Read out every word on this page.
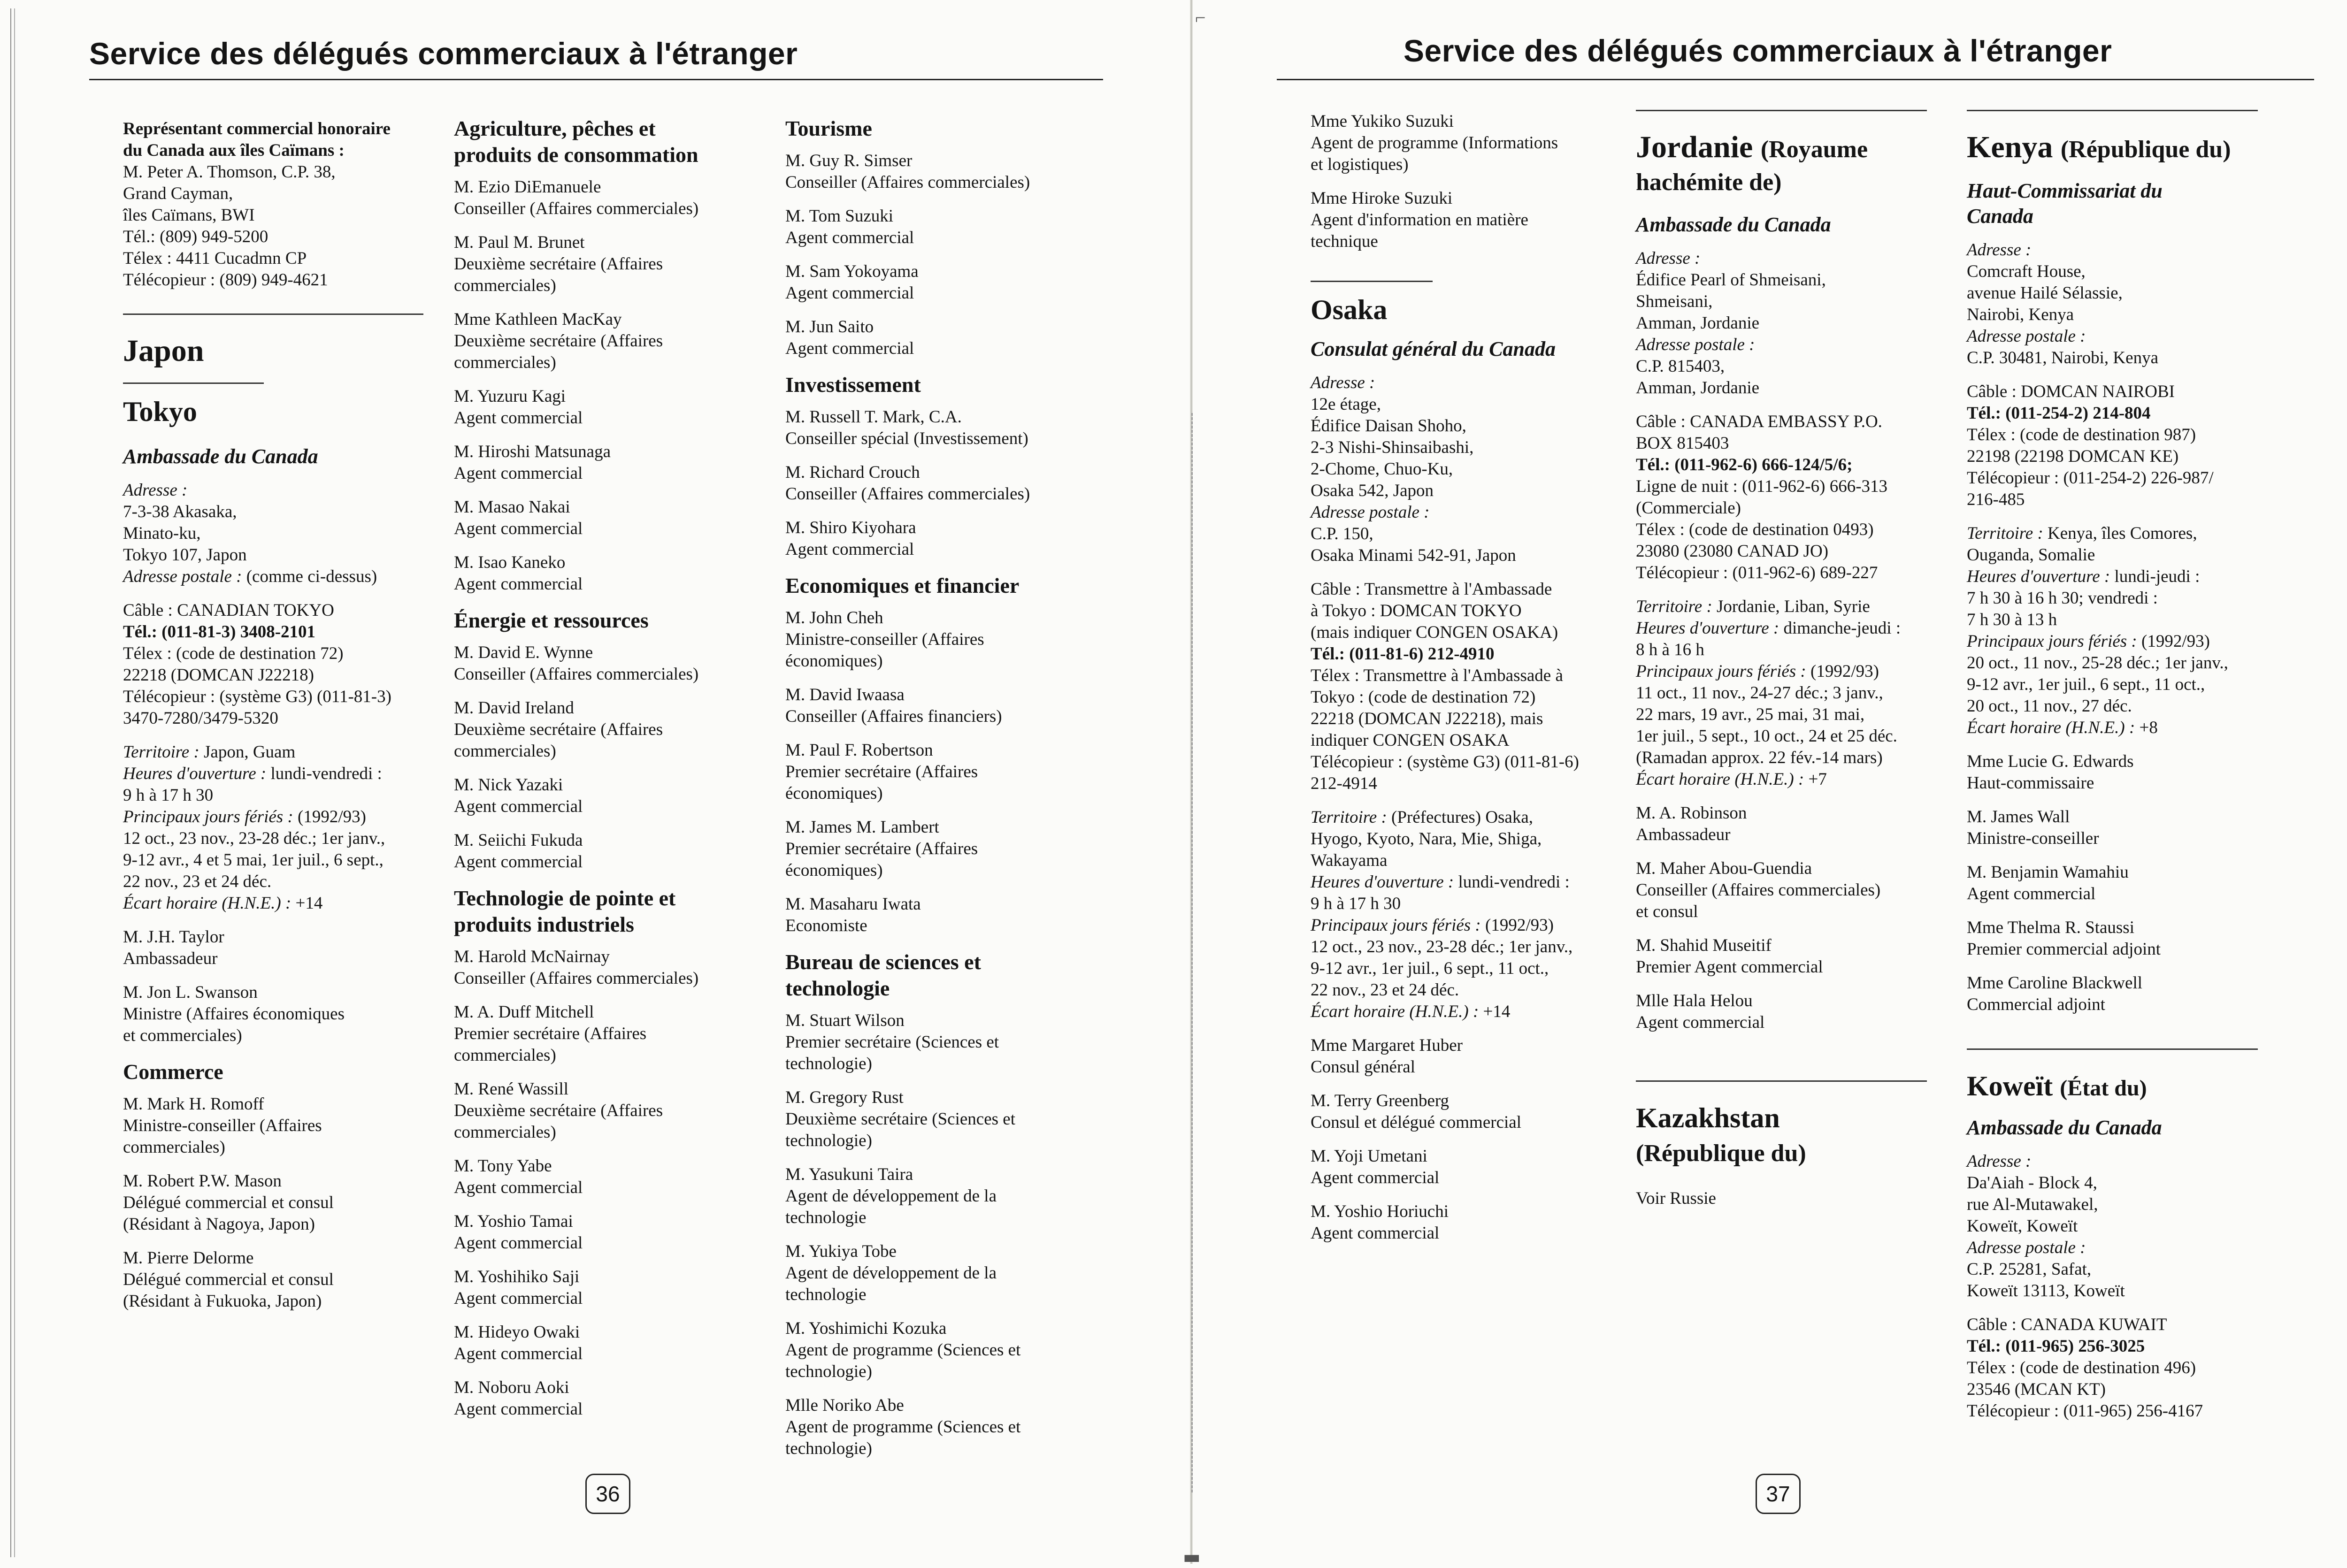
⌐
▬
Service des délégués commerciaux à l'étranger
Représentant commercial honoraire
du Canada aux îles Caïmans :
M. Peter A. Thomson, C.P. 38,
Grand Cayman,
îles Caïmans, BWI
Tél.: (809) 949-5200
Télex : 4411 Cucadmn CP
Télécopieur : (809) 949-4621
Japon
Tokyo
Ambassade du Canada
Adresse :
7-3-38 Akasaka,
Minato-ku,
Tokyo 107, Japon
Adresse postale : (comme ci-dessus)
Câble : CANADIAN TOKYO
Tél.: (011-81-3) 3408-2101
Télex : (code de destination 72)
22218 (DOMCAN J22218)
Télécopieur : (système G3) (011-81-3)
3470-7280/3479-5320
Territoire : Japon, Guam
Heures d'ouverture : lundi-vendredi :
9 h à 17 h 30
Principaux jours fériés : (1992/93)
12 oct., 23 nov., 23-28 déc.; 1er janv.,
9-12 avr., 4 et 5 mai, 1er juil., 6 sept.,
22 nov., 23 et 24 déc.
Écart horaire (H.N.E.) : +14
M. J.H. Taylor
Ambassadeur
M. Jon L. Swanson
Ministre (Affaires économiques
et commerciales)
Commerce
M. Mark H. Romoff
Ministre-conseiller (Affaires
commerciales)
M. Robert P.W. Mason
Délégué commercial et consul
(Résidant à Nagoya, Japon)
M. Pierre Delorme
Délégué commercial et consul
(Résidant à Fukuoka, Japon)
Agriculture, pêches et
produits de consommation
M. Ezio DiEmanuele
Conseiller (Affaires commerciales)
M. Paul M. Brunet
Deuxième secrétaire (Affaires
commerciales)
Mme Kathleen MacKay
Deuxième secrétaire (Affaires
commerciales)
M. Yuzuru Kagi
Agent commercial
M. Hiroshi Matsunaga
Agent commercial
M. Masao Nakai
Agent commercial
M. Isao Kaneko
Agent commercial
Énergie et ressources
M. David E. Wynne
Conseiller (Affaires commerciales)
M. David Ireland
Deuxième secrétaire (Affaires
commerciales)
M. Nick Yazaki
Agent commercial
M. Seiichi Fukuda
Agent commercial
Technologie de pointe et
produits industriels
M. Harold McNairnay
Conseiller (Affaires commerciales)
M. A. Duff Mitchell
Premier secrétaire (Affaires
commerciales)
M. René Wassill
Deuxième secrétaire (Affaires
commerciales)
M. Tony Yabe
Agent commercial
M. Yoshio Tamai
Agent commercial
M. Yoshihiko Saji
Agent commercial
M. Hideyo Owaki
Agent commercial
M. Noboru Aoki
Agent commercial
Tourisme
M. Guy R. Simser
Conseiller (Affaires commerciales)
M. Tom Suzuki
Agent commercial
M. Sam Yokoyama
Agent commercial
M. Jun Saito
Agent commercial
Investissement
M. Russell T. Mark, C.A.
Conseiller spécial (Investissement)
M. Richard Crouch
Conseiller (Affaires commerciales)
M. Shiro Kiyohara
Agent commercial
Economiques et financier
M. John Cheh
Ministre-conseiller (Affaires
économiques)
M. David Iwaasa
Conseiller (Affaires financiers)
M. Paul F. Robertson
Premier secrétaire (Affaires
économiques)
M. James M. Lambert
Premier secrétaire (Affaires
économiques)
M. Masaharu Iwata
Economiste
Bureau de sciences et
technologie
M. Stuart Wilson
Premier secrétaire (Sciences et
technologie)
M. Gregory Rust
Deuxième secrétaire (Sciences et
technologie)
M. Yasukuni Taira
Agent de développement de la
technologie
M. Yukiya Tobe
Agent de développement de la
technologie
M. Yoshimichi Kozuka
Agent de programme (Sciences et
technologie)
Mlle Noriko Abe
Agent de programme (Sciences et
technologie)
36
Service des délégués commerciaux à l'étranger
Mme Yukiko Suzuki
Agent de programme (Informations
et logistiques)
Mme Hiroke Suzuki
Agent d'information en matière
technique
Osaka
Consulat général du Canada
Adresse :
12e étage,
Édifice Daisan Shoho,
2-3 Nishi-Shinsaibashi,
2-Chome, Chuo-Ku,
Osaka 542, Japon
Adresse postale :
C.P. 150,
Osaka Minami 542-91, Japon
Câble : Transmettre à l'Ambassade
à Tokyo : DOMCAN TOKYO
(mais indiquer CONGEN OSAKA)
Tél.: (011-81-6) 212-4910
Télex : Transmettre à l'Ambassade à
Tokyo : (code de destination 72)
22218 (DOMCAN J22218), mais
indiquer CONGEN OSAKA
Télécopieur : (système G3) (011-81-6)
212-4914
Territoire : (Préfectures) Osaka,
Hyogo, Kyoto, Nara, Mie, Shiga,
Wakayama
Heures d'ouverture : lundi-vendredi :
9 h à 17 h 30
Principaux jours fériés : (1992/93)
12 oct., 23 nov., 23-28 déc.; 1er janv.,
9-12 avr., 1er juil., 6 sept., 11 oct.,
22 nov., 23 et 24 déc.
Écart horaire (H.N.E.) : +14
Mme Margaret Huber
Consul général
M. Terry Greenberg
Consul et délégué commercial
M. Yoji Umetani
Agent commercial
M. Yoshio Horiuchi
Agent commercial
Jordanie (Royaume
hachémite de)
Ambassade du Canada
Adresse :
Édifice Pearl of Shmeisani,
Shmeisani,
Amman, Jordanie
Adresse postale :
C.P. 815403,
Amman, Jordanie
Câble : CANADA EMBASSY P.O.
BOX 815403
Tél.: (011-962-6) 666-124/5/6;
Ligne de nuit : (011-962-6) 666-313
(Commerciale)
Télex : (code de destination 0493)
23080 (23080 CANAD JO)
Télécopieur : (011-962-6) 689-227
Territoire : Jordanie, Liban, Syrie
Heures d'ouverture : dimanche-jeudi :
8 h à 16 h
Principaux jours fériés : (1992/93)
11 oct., 11 nov., 24-27 déc.; 3 janv.,
22 mars, 19 avr., 25 mai, 31 mai,
1er juil., 5 sept., 10 oct., 24 et 25 déc.
(Ramadan approx. 22 fév.-14 mars)
Écart horaire (H.N.E.) : +7
M. A. Robinson
Ambassadeur
M. Maher Abou-Guendia
Conseiller (Affaires commerciales)
et consul
M. Shahid Museitif
Premier Agent commercial
Mlle Hala Helou
Agent commercial
Kazakhstan
(République du)
Voir Russie
Kenya (République du)
Haut-Commissariat du
Canada
Adresse :
Comcraft House,
avenue Hailé Sélassie,
Nairobi, Kenya
Adresse postale :
C.P. 30481, Nairobi, Kenya
Câble : DOMCAN NAIROBI
Tél.: (011-254-2) 214-804
Télex : (code de destination 987)
22198 (22198 DOMCAN KE)
Télécopieur : (011-254-2) 226-987/
216-485
Territoire : Kenya, îles Comores,
Ouganda, Somalie
Heures d'ouverture : lundi-jeudi :
7 h 30 à 16 h 30; vendredi :
7 h 30 à 13 h
Principaux jours fériés : (1992/93)
20 oct., 11 nov., 25-28 déc.; 1er janv.,
9-12 avr., 1er juil., 6 sept., 11 oct.,
20 oct., 11 nov., 27 déc.
Écart horaire (H.N.E.) : +8
Mme Lucie G. Edwards
Haut-commissaire
M. James Wall
Ministre-conseiller
M. Benjamin Wamahiu
Agent commercial
Mme Thelma R. Staussi
Premier commercial adjoint
Mme Caroline Blackwell
Commercial adjoint
Koweït (État du)
Ambassade du Canada
Adresse :
Da'Aiah - Block 4,
rue Al-Mutawakel,
Koweït, Koweït
Adresse postale :
C.P. 25281, Safat,
Koweït 13113, Koweït
Câble : CANADA KUWAIT
Tél.: (011-965) 256-3025
Télex : (code de destination 496)
23546 (MCAN KT)
Télécopieur : (011-965) 256-4167
37
